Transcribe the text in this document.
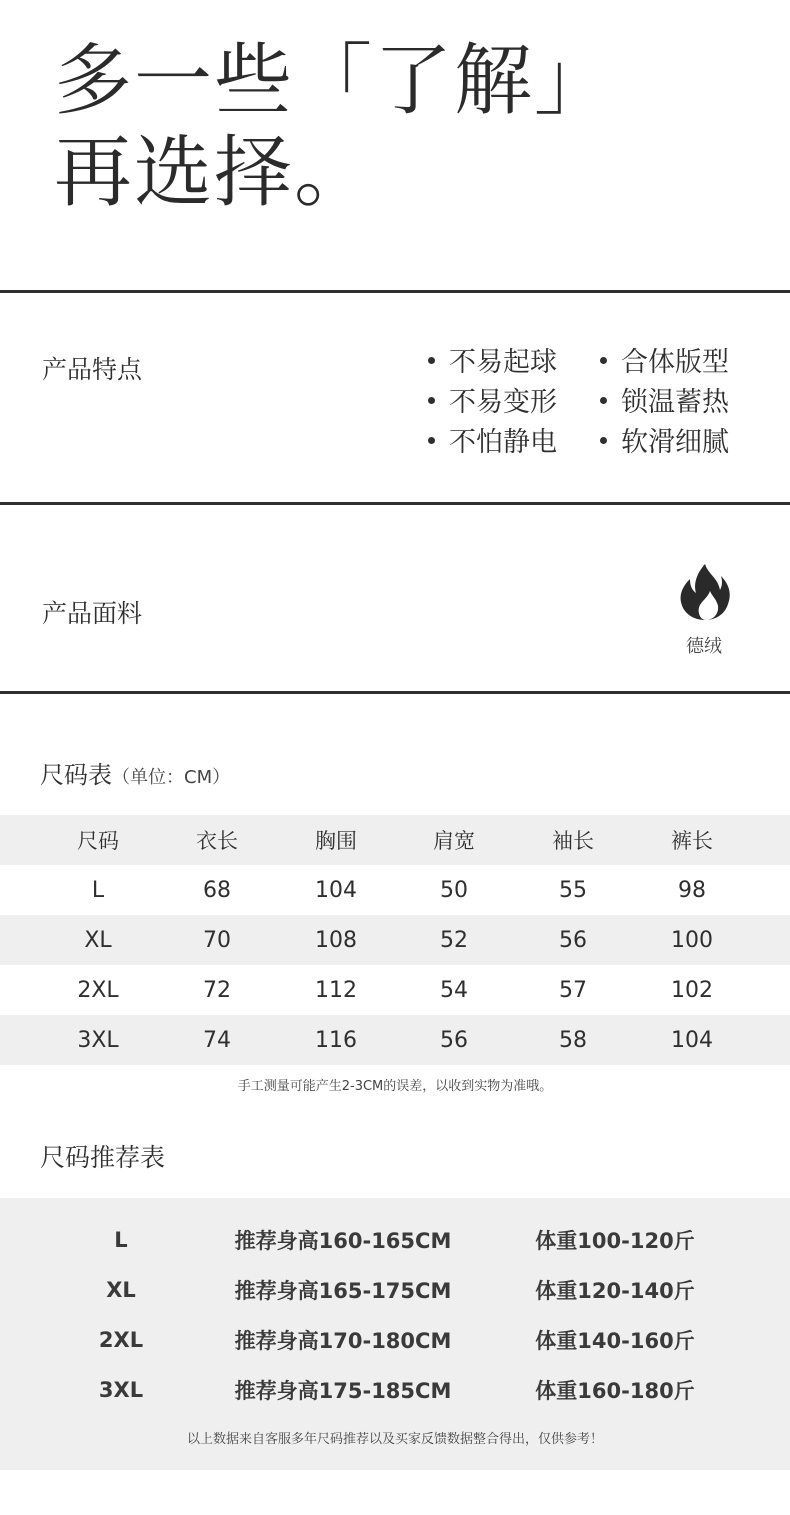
多一些「了解」
再选择。
产品特点	不易起球	合体版型
不易变形	锁温蓄热
不怕静电	软滑细腻
产品面料
德绒
尺码表（单位：CM）
尺码	衣长	胸围	肩宽	袖长	裤长
L	68	104	50	55	98
XL	70	108	52	56	100
2XL	72	112	54	57	102
3XL	74	116	56	58	104
手工测量可能产生2-3CM的误差，以收到实物为准哦。
尺码推荐表
L	推荐身高160-165CM	体重100-120斤
XL	推荐身高165-175CM	体重120-140斤
2XL	推荐身高170-180CM	体重140-160斤
3XL	推荐身高175-185CM	体重160-180斤
以上数据来自客服多年尺码推荐以及买家反馈数据整合得出，仅供参考！
